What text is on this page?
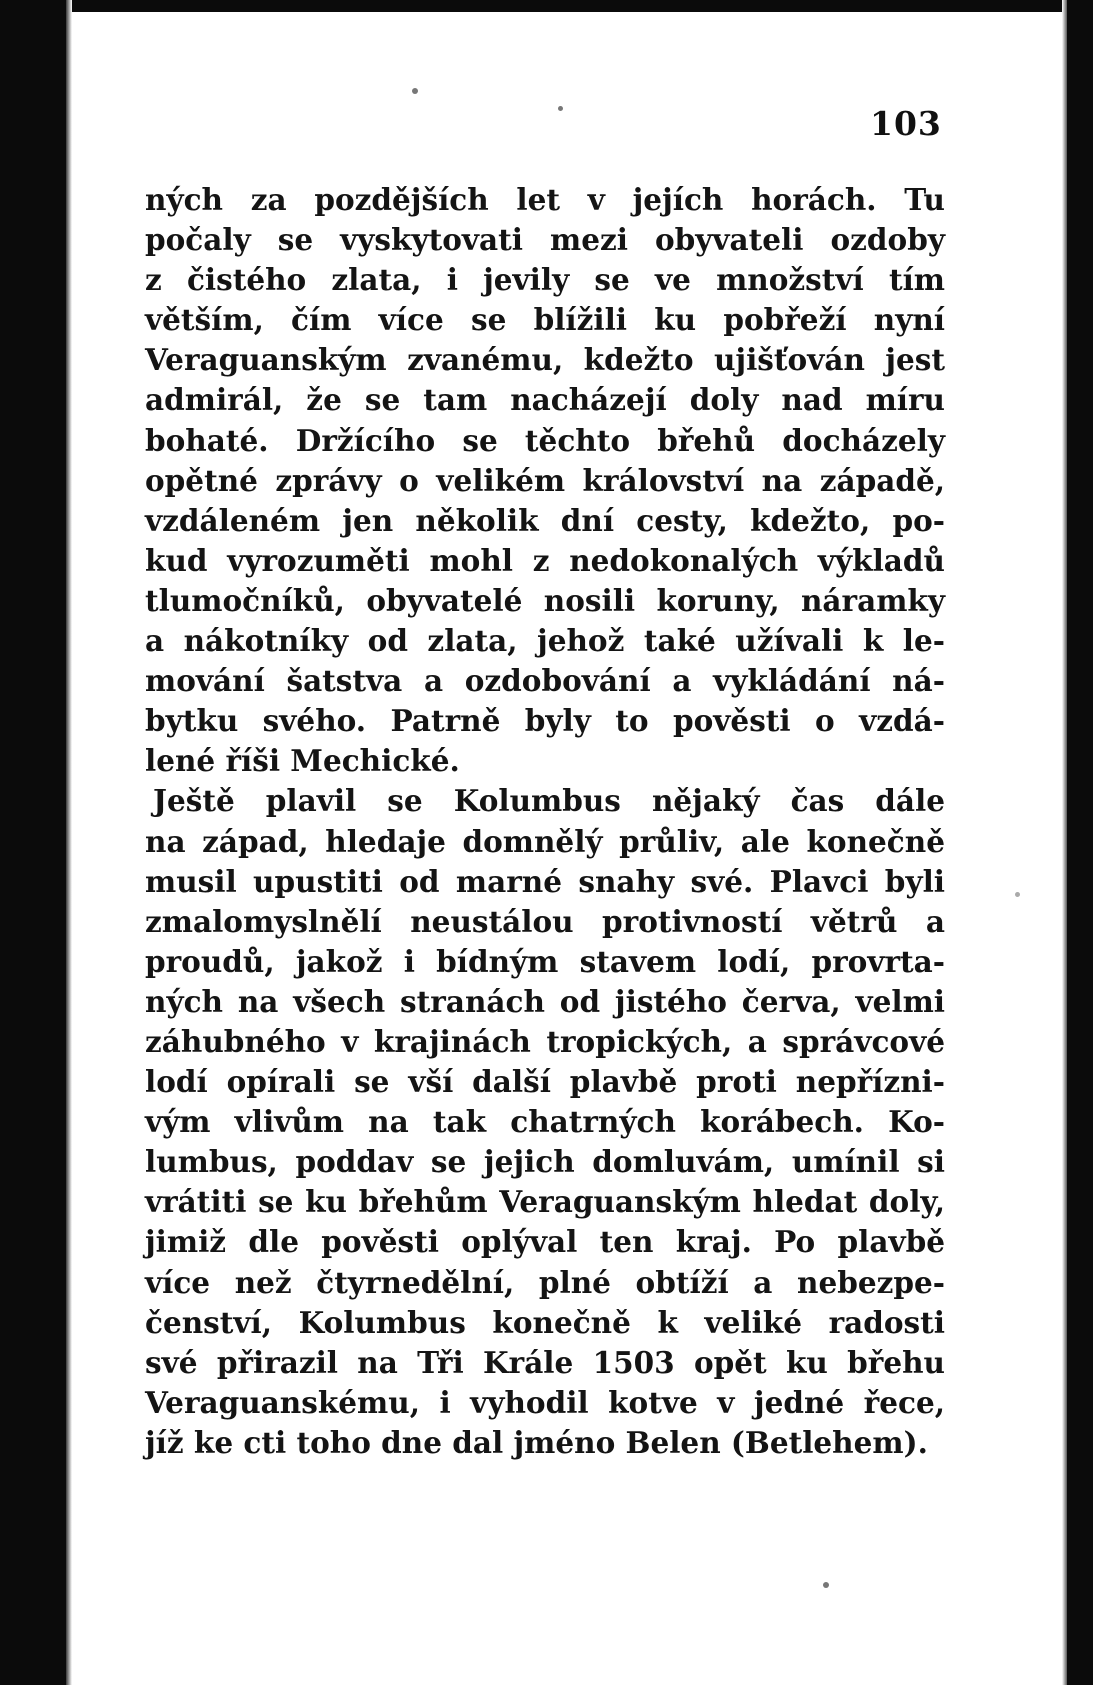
103
ných za pozdějších let v jejích horách. Tu
počaly se vyskytovati mezi obyvateli ozdoby
z čistého zlata, i jevily se ve množství tím
větším, čím více se blížili ku pobřeží nyní
Veraguanským zvanému, kdežto ujišťován jest
admirál, že se tam nacházejí doly nad míru
bohaté. Držícího se těchto břehů docházely
opětné zprávy o velikém království na západě,
vzdáleném jen několik dní cesty, kdežto, po-
kud vyrozuměti mohl z nedokonalých výkladů
tlumočníků, obyvatelé nosili koruny, náramky
a nákotníky od zlata, jehož také užívali k le-
mování šatstva a ozdobování a vykládání ná-
bytku svého. Patrně byly to pověsti o vzdá-
lené říši Mechické.
Ještě plavil se Kolumbus nějaký čas dále
na západ, hledaje domnělý průliv, ale konečně
musil upustiti od marné snahy své. Plavci byli
zmalomyslnělí neustálou protivností větrů a
proudů, jakož i bídným stavem lodí, provrta-
ných na všech stranách od jistého červa, velmi
záhubného v krajinách tropických, a správcové
lodí opírali se vší další plavbě proti nepřízni-
vým vlivům na tak chatrných korábech. Ko-
lumbus, poddav se jejich domluvám, umínil si
vrátiti se ku břehům Veraguanským hledat doly,
jimiž dle pověsti oplýval ten kraj. Po plavbě
více než čtyrnedělní, plné obtíží a nebezpe-
čenství, Kolumbus konečně k veliké radosti
své přirazil na Tři Krále 1503 opět ku břehu
Veraguanskému, i vyhodil kotve v jedné řece,
jíž ke cti toho dne dal jméno Belen (Betlehem).
